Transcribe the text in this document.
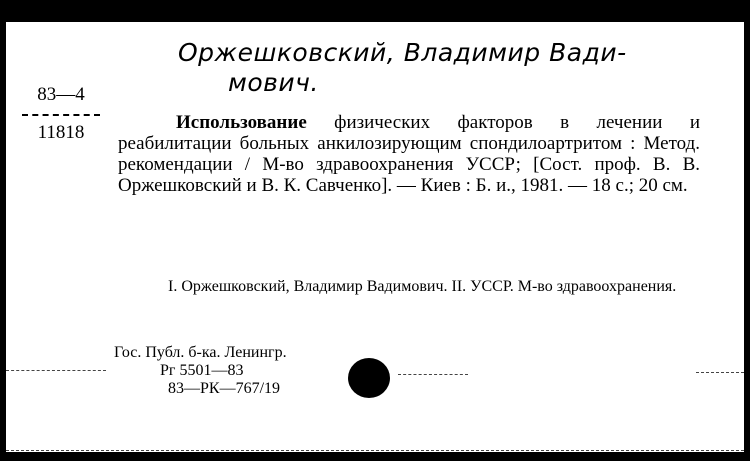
Оржешковский, Владимир Вади-
мович.
83—4
11818	Использование физических факторов в лечении и реабилитации больных анкилозирующим спондилоартритом : Метод. рекомендации / М-во здравоохранения УССР; [Сост. проф. В. В. Оржешковский и В. К. Савченко]. — Киев : Б. и., 1981. — 18 с.; 20 см.
I. Оржешковский, Владимир Вадимович. II. УССР. М-во здравоохранения.
Гос. Публ. б-ка. Ленингр.
Рг 5501—83
83—РК—767/19
